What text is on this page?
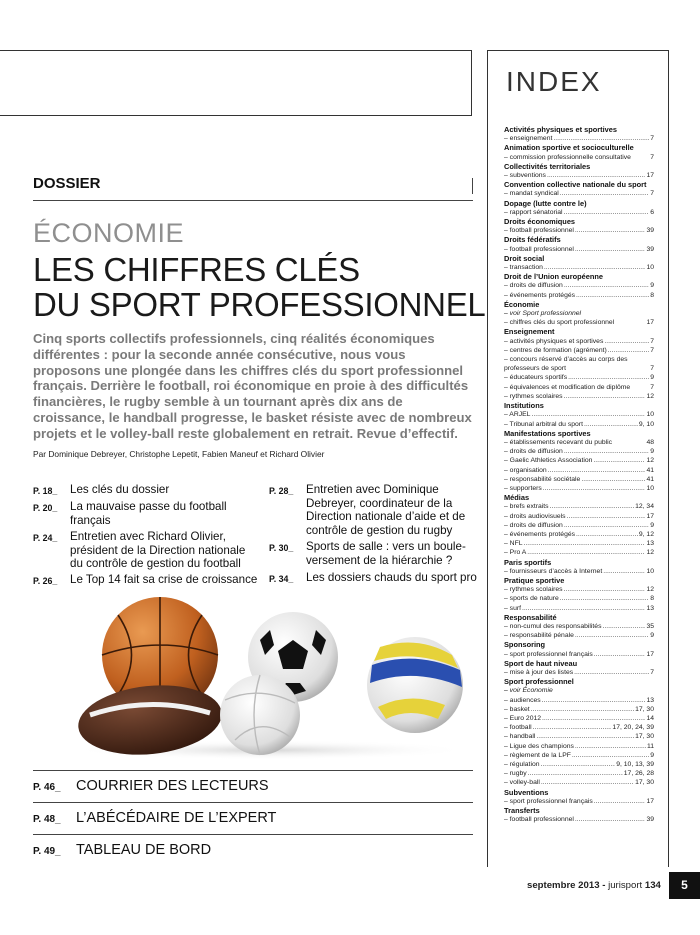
DOSSIER
ÉCONOMIE
LES CHIFFRES CLÉS
DU SPORT PROFESSIONNEL
Cinq sports collectifs professionnels, cinq réalités économiques différentes : pour la seconde année consécutive, nous vous proposons une plongée dans les chiffres clés du sport professionnel français. Derrière le football, roi économique en proie à des difficultés financières, le rugby semble à un tournant après dix ans de croissance, le handball progresse, le basket résiste avec de nombreux projets et le volley-ball reste globalement en retrait. Revue d’effectif.
Par Dominique Debreyer, Christophe Lepetit, Fabien Maneuf et Richard Olivier
P. 18_	Les clés du dossier
P. 20_	La mauvaise passe du football français
P. 24_	Entretien avec Richard Olivier, président de la Direction nationale du contrôle de gestion du football
P. 26_	Le Top 14 fait sa crise de croissance
P. 28_	Entretien avec Dominique Debreyer, coordinateur de la Direction nationale d’aide et de contrôle de gestion du rugby
P. 30_	Sports de salle : vers un boule-versement de la hiérarchie ?
P. 34_	Les dossiers chauds du sport pro
P. 46_ COURRIER DES LECTEURS
P. 48_ L’ABÉCÉDAIRE DE L’EXPERT
P. 49_ TABLEAU DE BORD
INDEX
Activités physiques et sportives
– enseignement .....	7
Animation sportive et socioculturelle
– commission professionnelle consultative	7
Collectivités territoriales
– subventions .....	17
Convention collective nationale du sport
– mandat syndical .....	7
Dopage (lutte contre le)
– rapport sénatorial .....	6
Droits économiques
– football professionnel .....	39
Droits fédératifs
– football professionnel .....	39
Droit social
– transaction .....	10
Droit de l’Union européenne
– droits de diffusion .....	9
– événements protégés .....	8
Économie
– voir Sport professionnel
– chiffres clés du sport professionnel	17
Enseignement
– activités physiques et sportives .....	7
– centres de formation (agrément) .....	7
– concours réservé d’accès au corps des professeurs de sport	7
– éducateurs sportifs .....	9
– équivalences et modification de diplôme	7
– rythmes scolaires .....	12
Institutions
– ARJEL .....	10
– Tribunal arbitral du sport .....	9, 10
Manifestations sportives
– établissements recevant du public	48
– droits de diffusion .....	9
– Gaelic Athletics Association .....	12
– organisation .....	41
– responsabilité sociétale .....	41
– supporters .....	10
Médias
– brefs extraits .....	12, 34
– droits audiovisuels .....	17
– droits de diffusion .....	9
– événements protégés .....	9, 12
– NFL .....	13
– Pro A .....	12
Paris sportifs
– fournisseurs d’accès à Internet .....	10
Pratique sportive
– rythmes scolaires .....	12
– sports de nature .....	8
– surf .....	13
Responsabilité
– non-cumul des responsabilités .....	35
– responsabilité pénale .....	9
Sponsoring
– sport professionnel français .....	17
Sport de haut niveau
– mise à jour des listes .....	7
Sport professionnel
– voir Économie
– audiences .....	13
– basket .....	17, 30
– Euro 2012 .....	14
– football .....	17, 20, 24, 39
– handball .....	17, 30
– Ligue des champions .....	11
– règlement de la LPF .....	9
– régulation .....	9, 10, 13, 39
– rugby .....	17, 26, 28
– volley-ball .....	17, 30
Subventions
– sport professionnel français .....	17
Transferts
– football professionnel .....	39
septembre 2013 - jurisport 134	5
